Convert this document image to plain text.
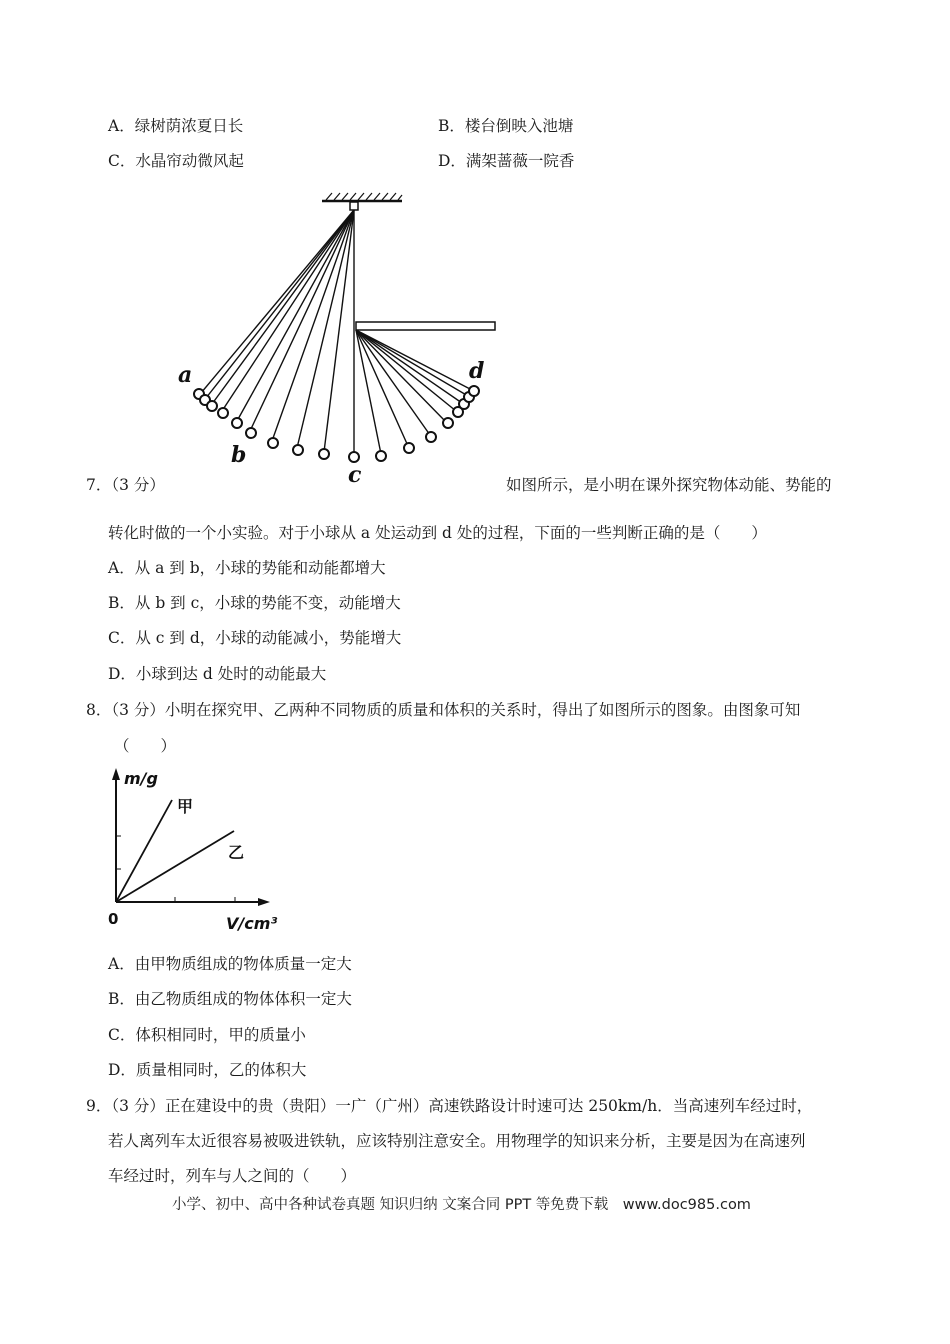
A．绿树荫浓夏日长	B．楼台倒映入池塘
C．水晶帘动微风起	D．满架蔷薇一院香
a
b
c
d
7．（3 分）	如图所示，是小明在课外探究物体动能、势能的
转化时做的一个小实验。对于小球从 a 处运动到 d 处的过程，下面的一些判断正确的是（　　）
A．从 a 到 b，小球的势能和动能都增大
B．从 b 到 c，小球的势能不变，动能增大
C．从 c 到 d，小球的动能减小，势能增大
D．小球到达 d 处时的动能最大
8．（3 分）小明在探究甲、乙两种不同物质的质量和体积的关系时，得出了如图所示的图象。由图象可知
（　　）
m/g
V/cm³
0
甲
乙
A．由甲物质组成的物体质量一定大
B．由乙物质组成的物体体积一定大
C．体积相同时，甲的质量小
D．质量相同时，乙的体积大
9．（3 分）正在建设中的贵（贵阳）一广（广州）高速铁路设计时速可达 250km/h．当高速列车经过时，
若人离列车太近很容易被吸进铁轨，应该特别注意安全。用物理学的知识来分析，主要是因为在高速列
车经过时，列车与人之间的（　　）
小学、初中、高中各种试卷真题 知识归纳 文案合同 PPT 等免费下载　www.doc985.com
